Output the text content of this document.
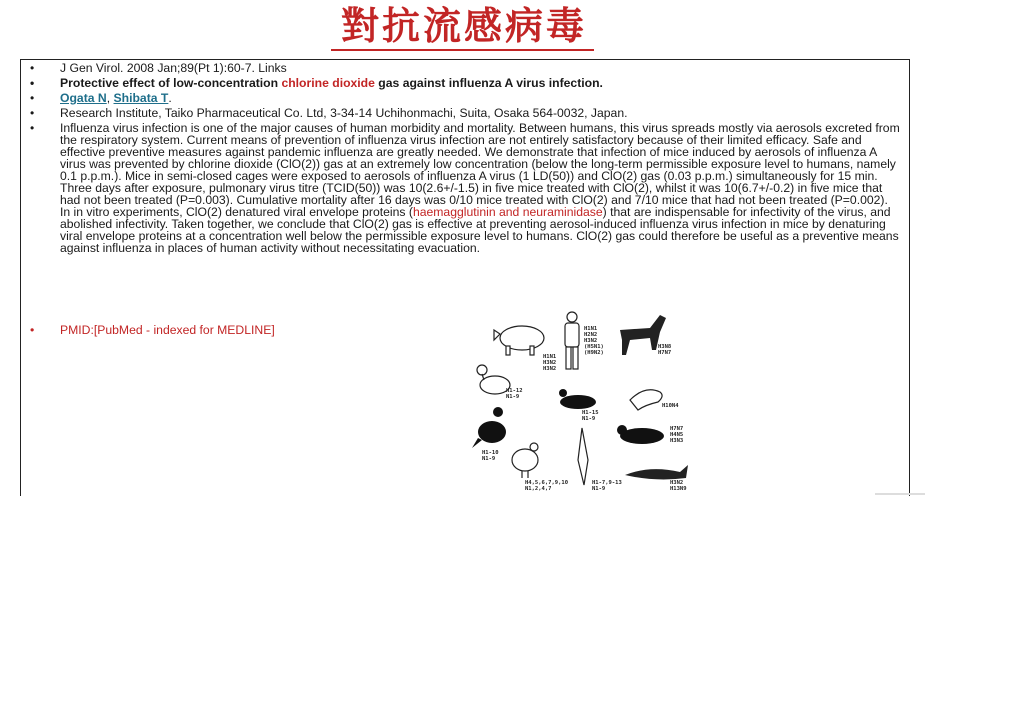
對抗流感病毒
• J Gen Virol. 2008 Jan;89(Pt 1):60-7. Links
• Protective effect of low-concentration chlorine dioxide gas against influenza A virus infection.
• Ogata N, Shibata T.
• Research Institute, Taiko Pharmaceutical Co. Ltd, 3-34-14 Uchihonmachi, Suita, Osaka 564-0032, Japan.
• Influenza virus infection is one of the major causes of human morbidity and mortality. Between humans, this virus spreads mostly via aerosols excreted from the respiratory system. Current means of prevention of influenza virus infection are not entirely satisfactory because of their limited efficacy. Safe and effective preventive measures against pandemic influenza are greatly needed. We demonstrate that infection of mice induced by aerosols of influenza A virus was prevented by chlorine dioxide (ClO(2)) gas at an extremely low concentration (below the long-term permissible exposure level to humans, namely 0.1 p.p.m.). Mice in semi-closed cages were exposed to aerosols of influenza A virus (1 LD(50)) and ClO(2) gas (0.03 p.p.m.) simultaneously for 15 min. Three days after exposure, pulmonary virus titre (TCID(50)) was 10(2.6+/-1.5) in five mice treated with ClO(2), whilst it was 10(6.7+/-0.2) in five mice that had not been treated (P=0.003). Cumulative mortality after 16 days was 0/10 mice treated with ClO(2) and 7/10 mice that had not been treated (P=0.002). In in vitro experiments, ClO(2) denatured viral envelope proteins (haemagglutinin and neuraminidase) that are indispensable for infectivity of the virus, and abolished infectivity. Taken together, we conclude that ClO(2) gas is effective at preventing aerosol-induced influenza virus infection in mice by denaturing viral envelope proteins at a concentration well below the permissible exposure level to humans. ClO(2) gas could therefore be useful as a preventive means against influenza in places of human activity without necessitating evacuation.
• PMID:[PubMed - indexed for MEDLINE]
H1N1
H3N2
H3N2
H1N1
H2N2
H3N2
(H5N1)
(H9N2)
H3N8
H7N7
H1-12
N1-9
H1-15
N1-9
H10N4
H7N7
H4N5
H3N3
H1-10
N1-9
H4,5,6,7,9,10
N1,2,4,7
H1-7,9-13
N1-9
H3N2
H13N9
